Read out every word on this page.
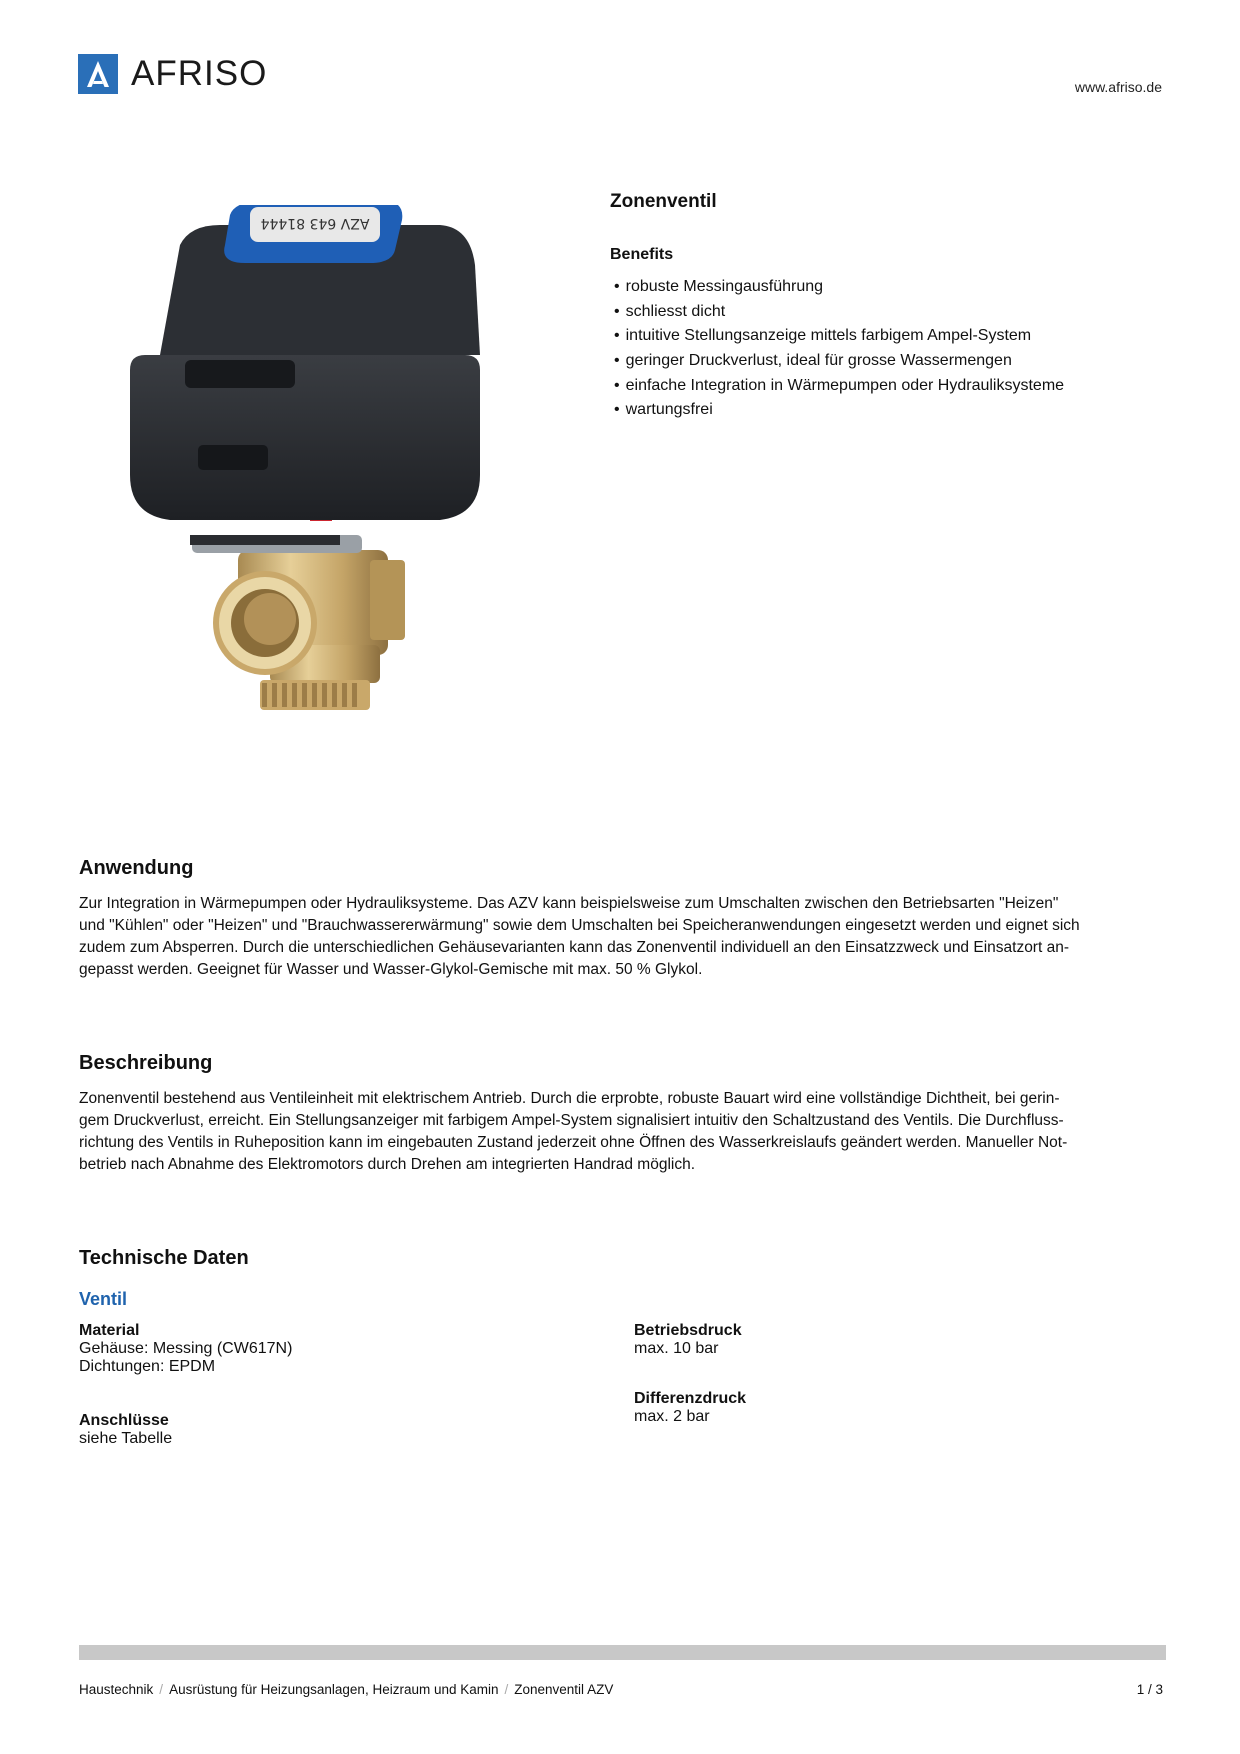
AFRISO	www.afriso.de
AZV 643 81444
Zonenventil
Benefits
• robuste Messingausführung
• schliesst dicht
• intuitive Stellungsanzeige mittels farbigem Ampel-System
• geringer Druckverlust, ideal für grosse Wassermengen
• einfache Integration in Wärmepumpen oder Hydrauliksysteme
• wartungsfrei
Anwendung
Zur Integration in Wärmepumpen oder Hydrauliksysteme. Das AZV kann beispielsweise zum Umschalten zwischen den Betriebsarten "Heizen"
und "Kühlen" oder "Heizen" und "Brauchwassererwärmung" sowie dem Umschalten bei Speicheranwendungen eingesetzt werden und eignet sich
zudem zum Absperren. Durch die unterschiedlichen Gehäusevarianten kann das Zonenventil individuell an den Einsatzzweck und Einsatzort an-
gepasst werden. Geeignet für Wasser und Wasser-Glykol-Gemische mit max. 50 % Glykol.
Beschreibung
Zonenventil bestehend aus Ventileinheit mit elektrischem Antrieb. Durch die erprobte, robuste Bauart wird eine vollständige Dichtheit, bei gerin-
gem Druckverlust, erreicht. Ein Stellungsanzeiger mit farbigem Ampel-System signalisiert intuitiv den Schaltzustand des Ventils. Die Durchfluss-
richtung des Ventils in Ruheposition kann im eingebauten Zustand jederzeit ohne Öffnen des Wasserkreislaufs geändert werden. Manueller Not-
betrieb nach Abnahme des Elektromotors durch Drehen am integrierten Handrad möglich.
Technische Daten
Ventil
Material
Gehäuse: Messing (CW617N)
Dichtungen: EPDM
Anschlüsse
siehe Tabelle
Betriebsdruck
max. 10 bar
Differenzdruck
max. 2 bar
Haustechnik / Ausrüstung für Heizungsanlagen, Heizraum und Kamin / Zonenventil AZV	1 / 3
